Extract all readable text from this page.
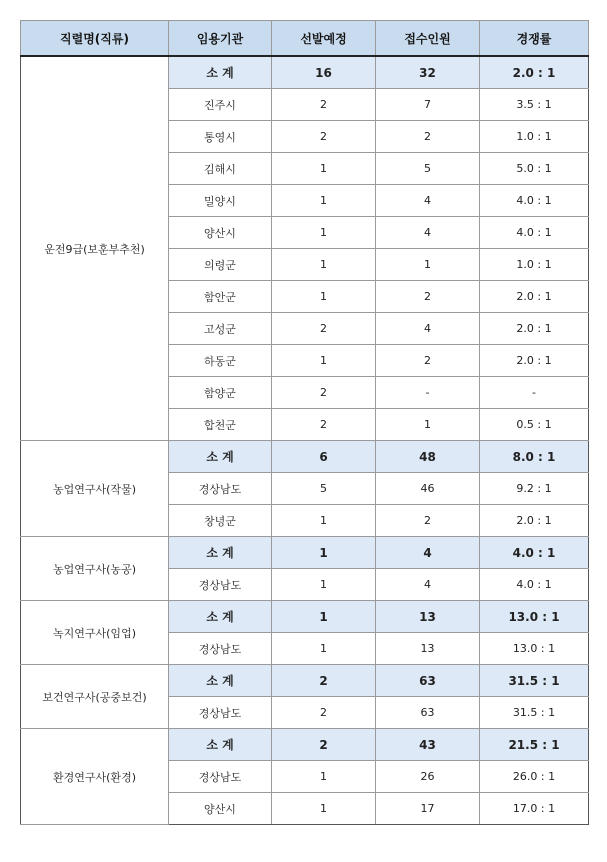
직렬명(직류)	임용기관	선발예정	접수인원	경쟁률
운전9급(보훈부추천)	소 계	16	32	2.0 : 1
	진주시	2	7	3.5 : 1
	통영시	2	2	1.0 : 1
	김해시	1	5	5.0 : 1
	밀양시	1	4	4.0 : 1
	양산시	1	4	4.0 : 1
	의령군	1	1	1.0 : 1
	함안군	1	2	2.0 : 1
	고성군	2	4	2.0 : 1
	하동군	1	2	2.0 : 1
	함양군	2	-	-
	합천군	2	1	0.5 : 1
농업연구사(작물)	소 계	6	48	8.0 : 1
	경상남도	5	46	9.2 : 1
	창녕군	1	2	2.0 : 1
농업연구사(농공)	소 계	1	4	4.0 : 1
	경상남도	1	4	4.0 : 1
녹지연구사(임업)	소 계	1	13	13.0 : 1
	경상남도	1	13	13.0 : 1
보건연구사(공중보건)	소 계	2	63	31.5 : 1
	경상남도	2	63	31.5 : 1
환경연구사(환경)	소 계	2	43	21.5 : 1
	경상남도	1	26	26.0 : 1
	양산시	1	17	17.0 : 1
